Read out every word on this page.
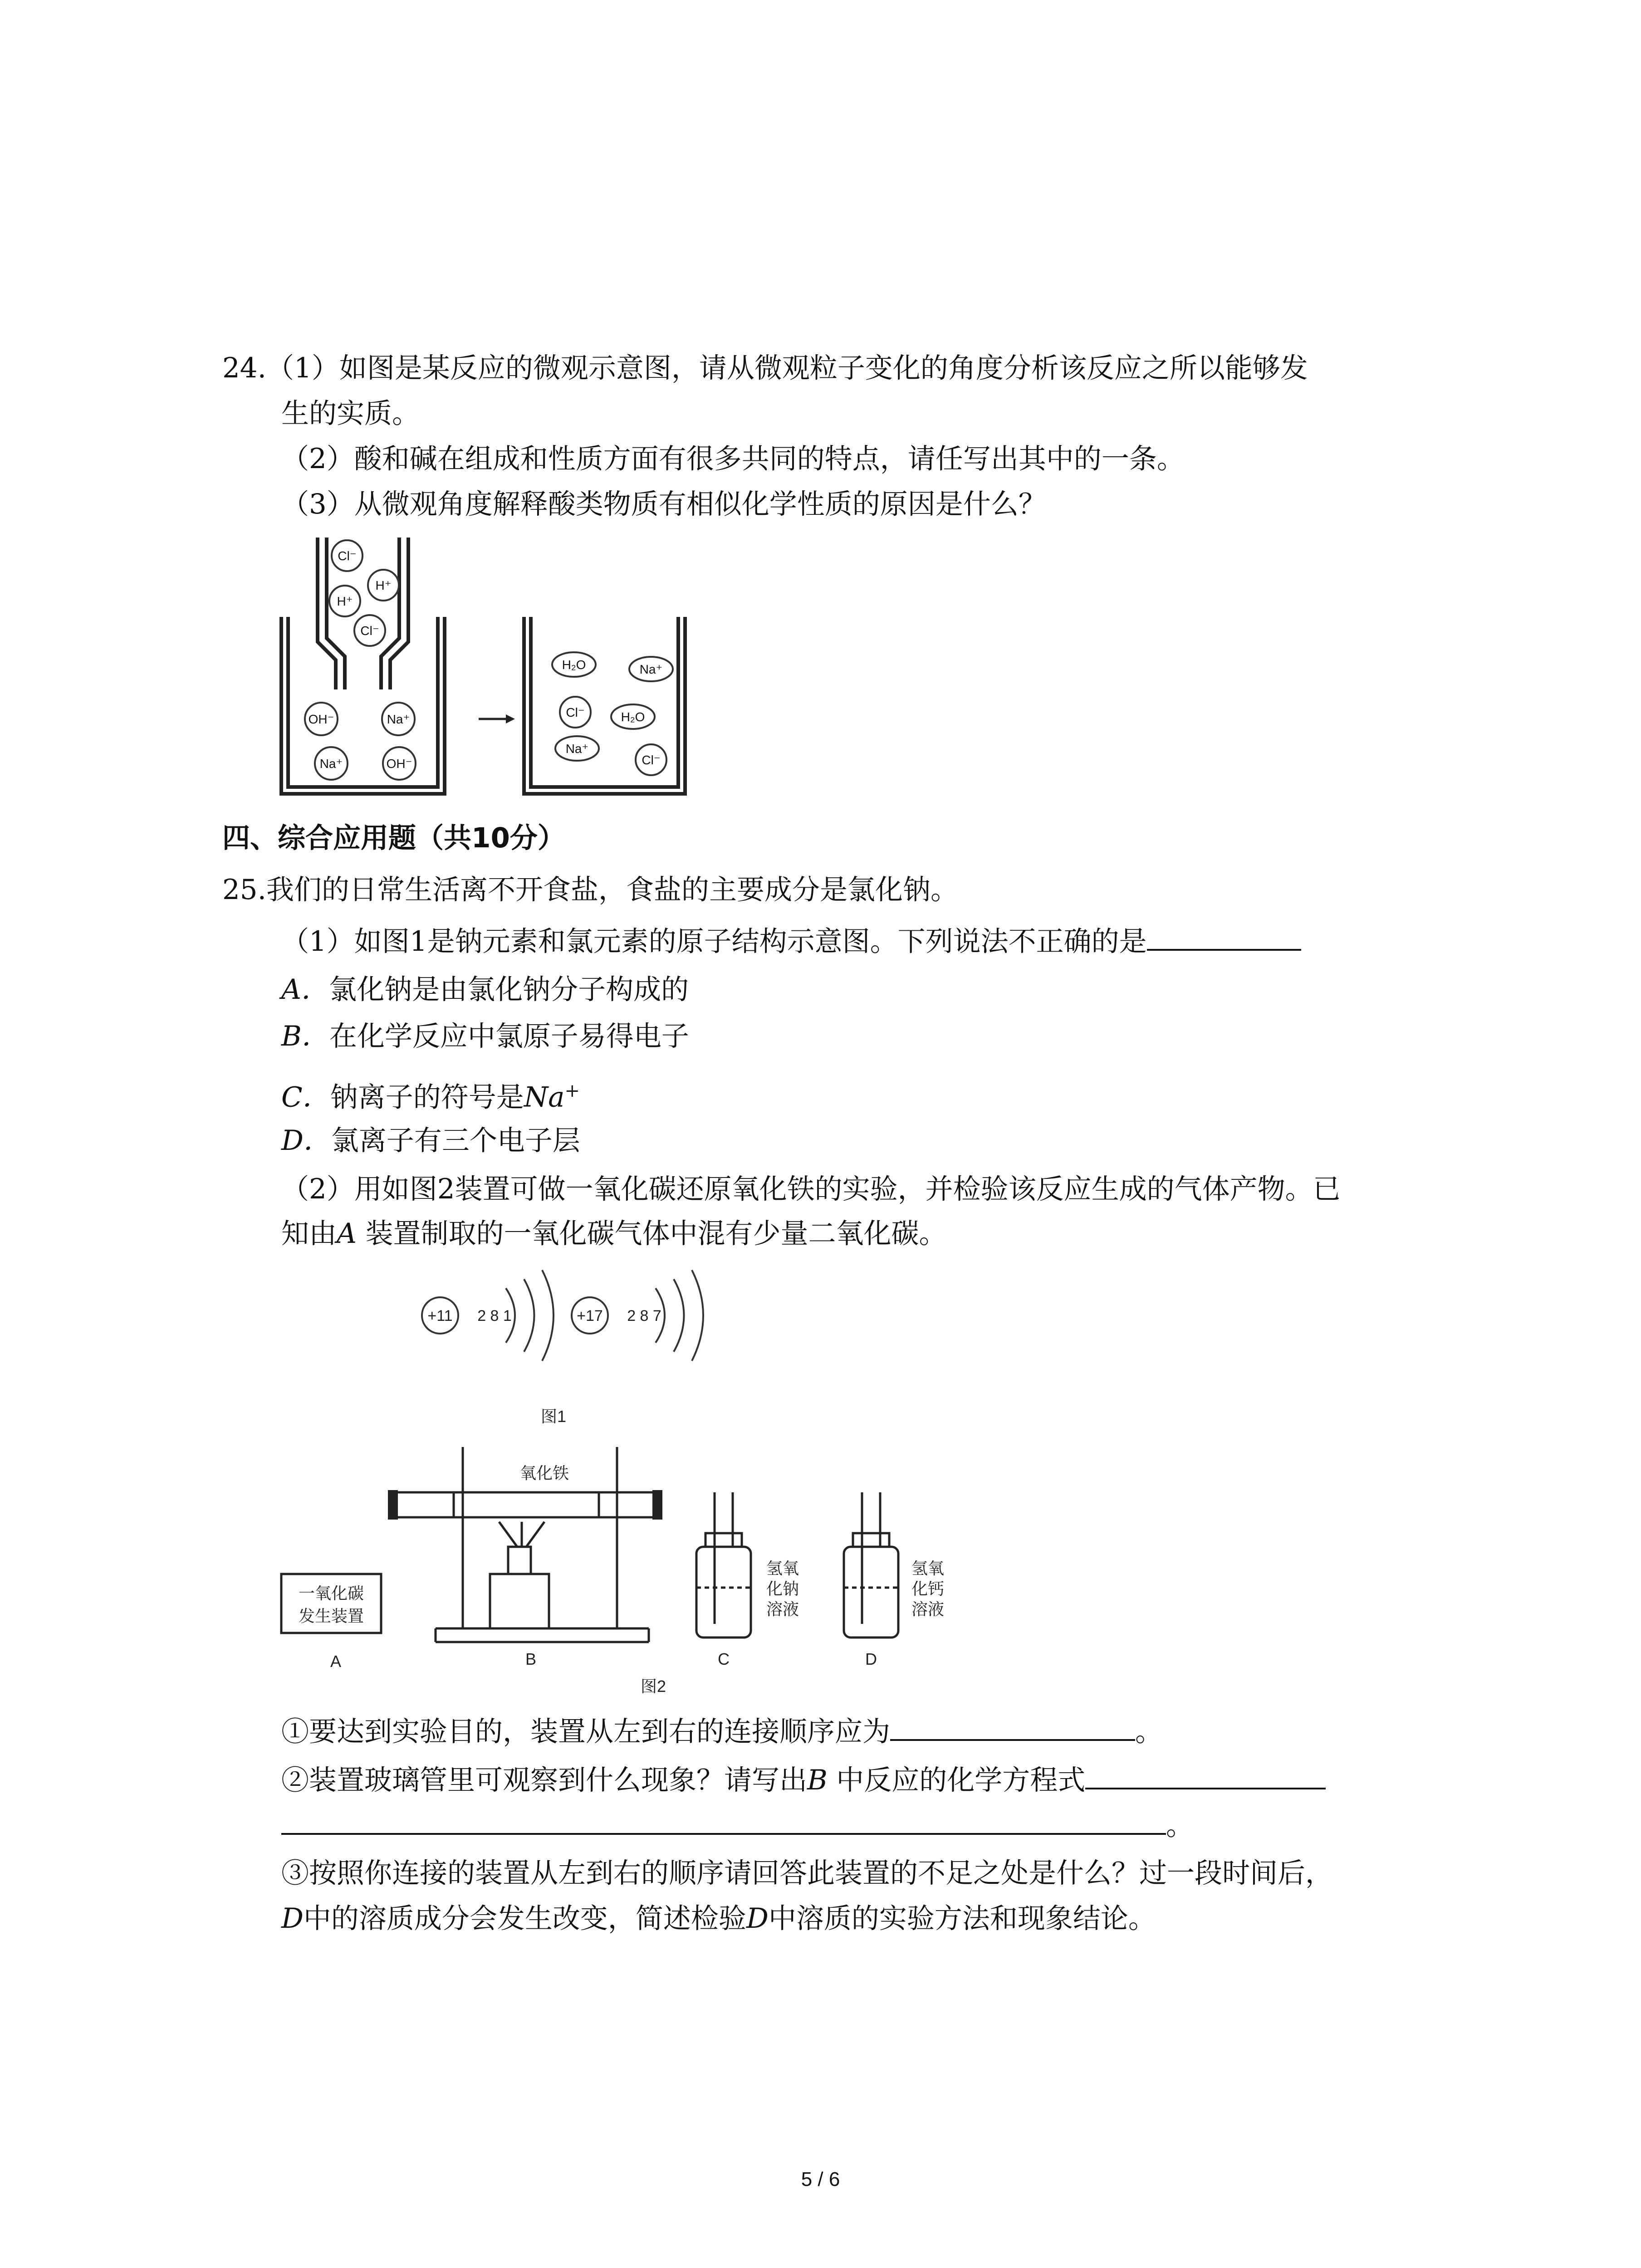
24.（1）如图是某反应的微观示意图，请从微观粒子变化的角度分析该反应之所以能够发
生的实质。
（2）酸和碱在组成和性质方面有很多共同的特点，请任写出其中的一条。
（3）从微观角度解释酸类物质有相似化学性质的原因是什么？
Cl⁻
H⁺
H⁺
Cl⁻
OH⁻	Na⁺
Na⁺	OH⁻
H₂O	Na⁺
Cl⁻	H₂O
Na⁺
Cl⁻
四、综合应用题（共10分）
25.我们的日常生活离不开食盐，食盐的主要成分是氯化钠。
（1）如图1是钠元素和氯元素的原子结构示意图。下列说法不正确的是
A．氯化钠是由氯化钠分子构成的
B．在化学反应中氯原子易得电子
C．钠离子的符号是Na+
D．氯离子有三个电子层
（2）用如图2装置可做一氧化碳还原氧化铁的实验，并检验该反应生成的气体产物。已
知由A 装置制取的一氧化碳气体中混有少量二氧化碳。
+11 2 8 1	+17 2 8 7
图1
氧化铁
一氧化碳
发生装置
氢氧
化钠
溶液
氢氧
化钙
溶液
A	B	C	D
图2
①要达到实验目的，装置从左到右的连接顺序应为	。
②装置玻璃管里可观察到什么现象？请写出B 中反应的化学方程式
。
③按照你连接的装置从左到右的顺序请回答此装置的不足之处是什么？过一段时间后，
D中的溶质成分会发生改变，简述检验D中溶质的实验方法和现象结论。
5 / 6
